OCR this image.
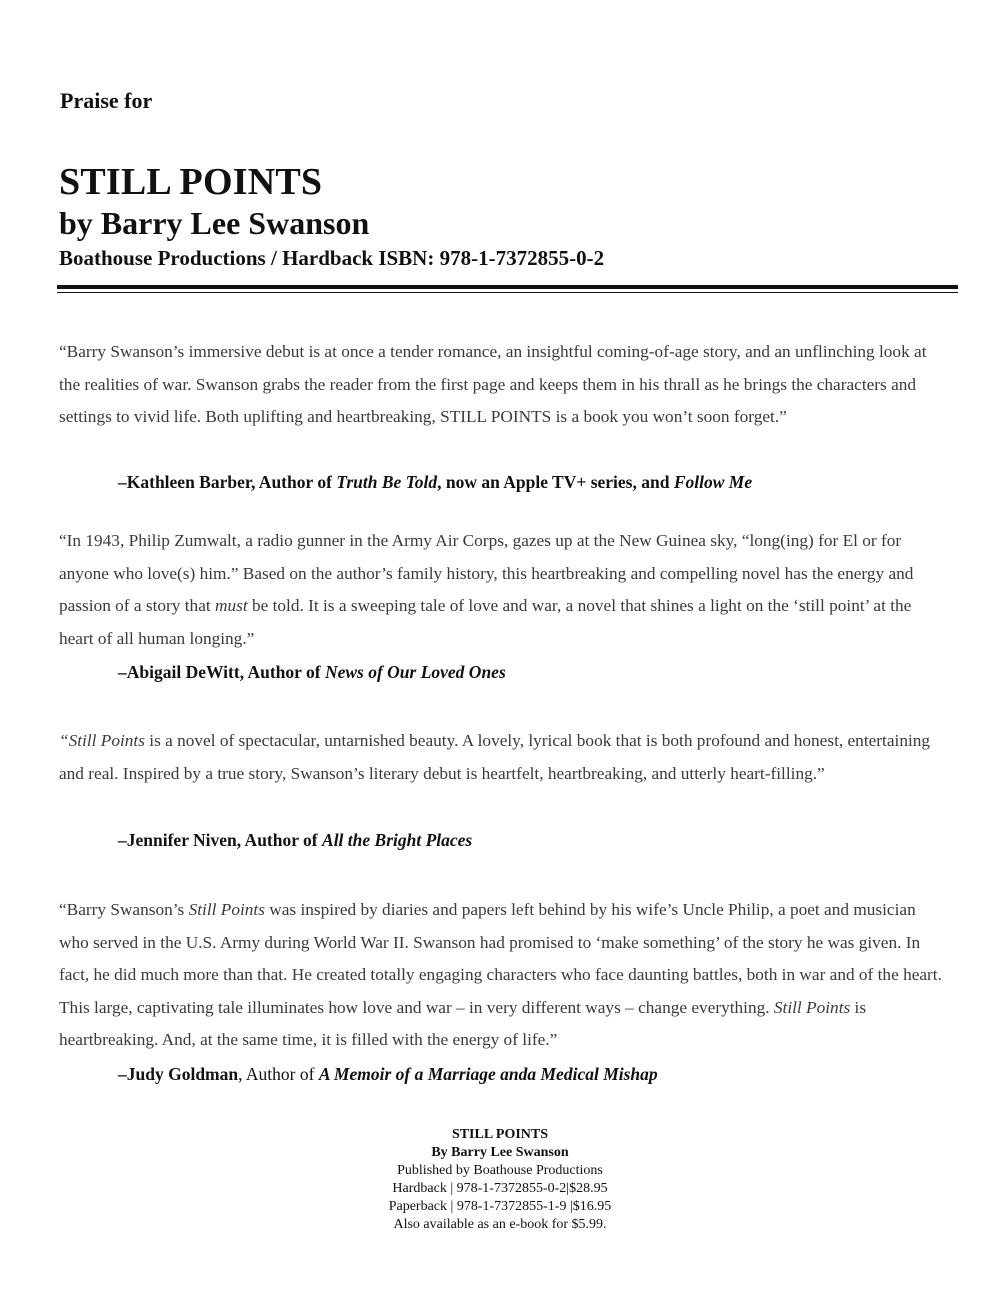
Praise for
STILL POINTS
by Barry Lee Swanson
Boathouse Productions / Hardback ISBN: 978-1-7372855-0-2
“Barry Swanson’s immersive debut is at once a tender romance, an insightful coming-of-age story, and an unflinching look at the realities of war. Swanson grabs the reader from the first page and keeps them in his thrall as he brings the characters and settings to vivid life. Both uplifting and heartbreaking, STILL POINTS is a book you won’t soon forget.”
–Kathleen Barber, Author of Truth Be Told, now an Apple TV+ series, and Follow Me
“In 1943, Philip Zumwalt, a radio gunner in the Army Air Corps, gazes up at the New Guinea sky, “long(ing) for El or for anyone who love(s) him.” Based on the author’s family history, this heartbreaking and compelling novel has the energy and passion of a story that must be told. It is a sweeping tale of love and war, a novel that shines a light on the ‘still point’ at the heart of all human longing.”
–Abigail DeWitt, Author of News of Our Loved Ones
“Still Points is a novel of spectacular, untarnished beauty. A lovely, lyrical book that is both profound and honest, entertaining and real. Inspired by a true story, Swanson’s literary debut is heartfelt, heartbreaking, and utterly heart-filling.”
–Jennifer Niven, Author of All the Bright Places
“Barry Swanson’s Still Points was inspired by diaries and papers left behind by his wife’s Uncle Philip, a poet and musician who served in the U.S. Army during World War II. Swanson had promised to ‘make something’ of the story he was given. In fact, he did much more than that. He created totally engaging characters who face daunting battles, both in war and of the heart. This large, captivating tale illuminates how love and war – in very different ways – change everything. Still Points is heartbreaking. And, at the same time, it is filled with the energy of life.”
–Judy Goldman, Author of A Memoir of a Marriage anda Medical Mishap
STILL POINTS
By Barry Lee Swanson
Published by Boathouse Productions
Hardback | 978-1-7372855-0-2|$28.95
Paperback | 978-1-7372855-1-9 |$16.95
Also available as an e-book for $5.99.
